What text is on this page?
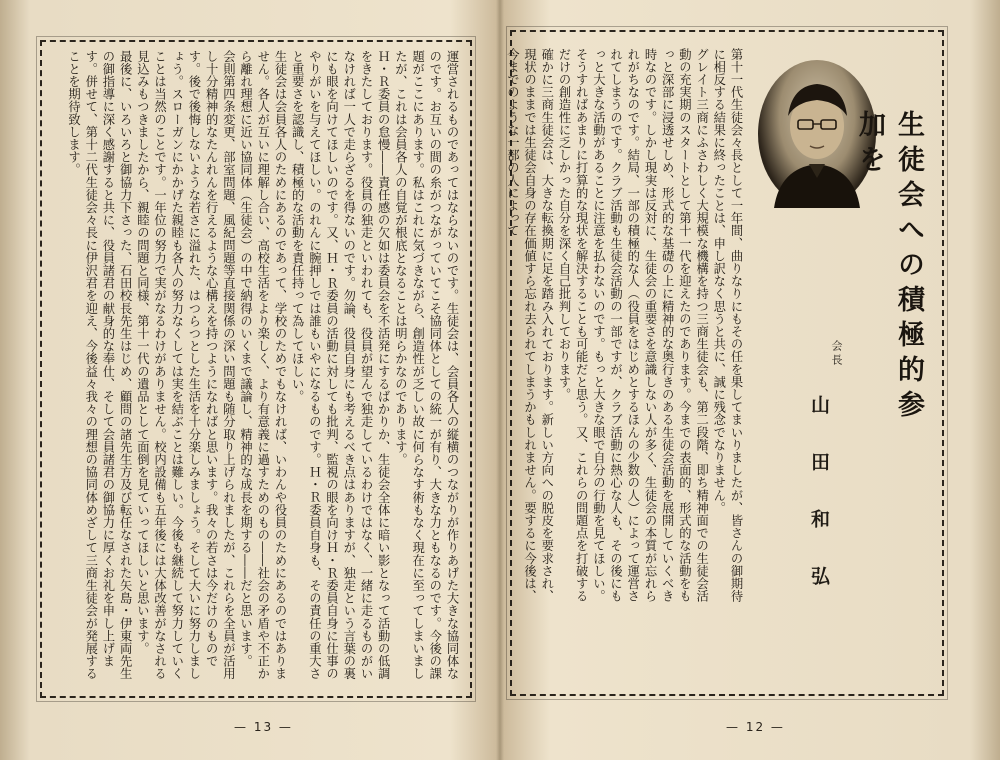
運営されるものであってはならないのです。生徒会は、会員各人の縦横のつながりが作りあげた大きな協同体なのです。お互いの間の糸がつながっていてこそ協同体としての統一が有り、大きな力ともなるのです。今後の課題がここにあります。私はこれに気づきながら、創造性が乏しい故に何らなす術もなく現在に至ってしまいましたが、これは会員各人の自覚が根底となることは明らかなのであります。
Ｈ・Ｒ委員の怠慢――責任感の欠如は委員会を不活発にするばかりか、生徒会全体に暗い影となって活動の低調をきたしております。役員の独走といわれても、役員が望んで独走しているわけではなく、一緒に走るものがいなければ一人で走らざるを得ないのです。勿論、役員自身にも考えるべき点はありますが、独走という言葉の裏にも眼を向けてほしいのです。又、Ｈ・Ｒ委員の活動に対しても批判、監視の眼を向けＨ・Ｒ委員自身に仕事のやりがいを与えてほしい。のれんに腕押しでは誰もいやになるものです。Ｈ・Ｒ委員自身も、その責任の重大さと重要さを認識し、積極的な活動を責任持って為してほしい。
生徒会は会員各人のためにあるのであって、学校のためでもなければ、いわんや役員のためにあるのではありません。各人が互いに理解し合い、高校生活をより楽しく、より有意義に過すためのもの――社会の矛盾や不正から離れ理想に近い協同体（生徒会）の中で納得のいくまで議論し、精神的な成長を期する――だと思います。
会則第四条変更、部室問題、風紀問題等直接関係の深い問題も随分取り上げられましたが、これらを全員が活用し十分精神的なたんれんを行えるような心構えを持つようになればと思います。我々の若さは今だけのものです。後で後悔しないような若さに溢れた、はつらつとした生活を十分楽しみましょう。そして大いに努力しましょう。スローガンにかかげた親睦も各人の努力なくしては実を結ぶことは難しい。今後も継続して努力していくことは当然のことです。一年位の努力で実がなるわけがありません。校内設備も五年後には大体改善がなされる見込みもつきましたから、親睦の問題と同様、第十一代の遺品として面倒を見ていってほしいと思います。
最後に、いろいろと御協力下さった、石田校長先生はじめ、顧問の諸先生方及び転任なされた矢島・伊東両先生の御指導に深く感謝すると共に、役員諸君の献身的な奉仕、そして会員諸君の御協力に厚くお礼を申し上げます。併せて、第十二代生徒会々長に伊沢君を迎え、今後益々我々の理想の協同体めざして三商生徒会が発展することを期待致します。
— 13 —
第十一代生徒会々長として一年間、曲りなりにもその任を果してまいりましたが、皆さんの御期待に相反する結果に終ったことは、申し訳なく思うと共に、誠に残念でなりません。
グレイト三商にふさわしく大規模な機構を持つ三商生徒会も、第二段階、即ち精神面での生徒会活動の充実期のスタートとして第十一代を迎えたのであります。今までの表面的、形式的な活動をもっと深部に浸透せしめ、形式的な基礎の上に精神的な奥行きのある生徒会活動を展開していくべき時なのです。しかし現実は反対に、生徒会の重要さを意識しない人が多く、生徒会の本質が忘れられがちなのです。結局、一部の積極的な人（役員をはじめとするほんの少数の人）によって運営されてしまうのです。クラブ活動も生徒会活動の一部ですが、クラブ活動に熱心な人も、その後にもっと大きな活動があることに注意を払わないのです。もっと大きな眼で自分の行動を見てほしい。そうすればあまりに打算的な現状を解決することも可能だと思う。又、これらの問題点を打破するだけの創造性に乏しかった自分を深く自己批判しております。
確かに三商生徒会は、大きな転換期に足を踏み入れております。新しい方向への脱皮を要求され、現状のままでは生徒会自身の存在価値すら忘れ去られてしまうかもしれません。要するに今後は、今までのような一部の人によって	生徒会への積極的参加を
会長
山田和弘
— 12 —
